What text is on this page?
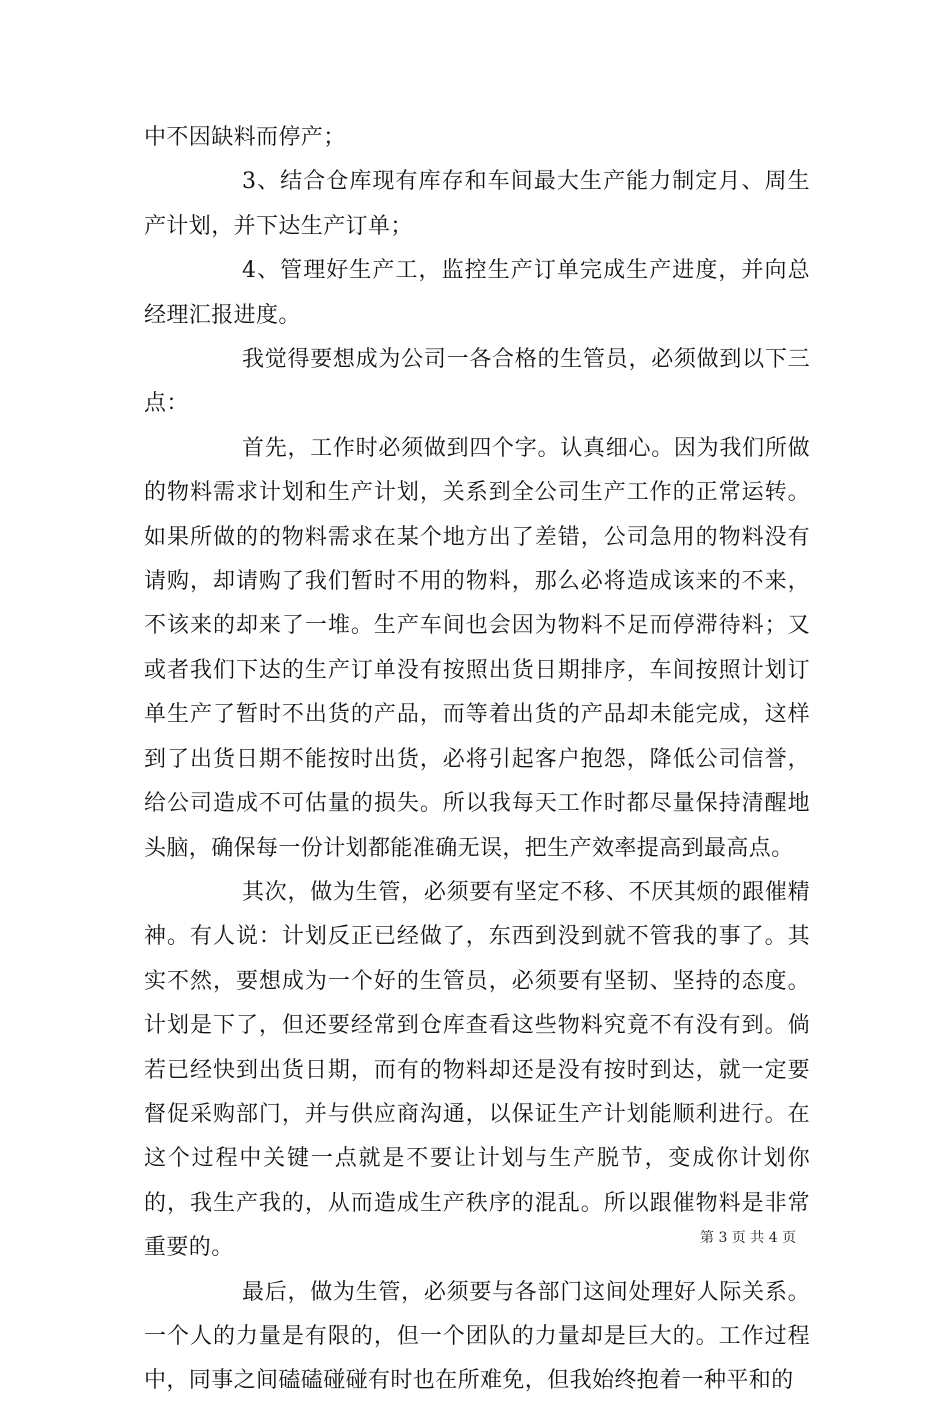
中不因缺料而停产；

3、结合仓库现有库存和车间最大生产能力制定月、周生产计划，并下达生产订单；

4、管理好生产工，监控生产订单完成生产进度，并向总经理汇报进度。

我觉得要想成为公司一各合格的生管员，必须做到以下三点：

首先，工作时必须做到四个字。认真细心。因为我们所做的物料需求计划和生产计划，关系到全公司生产工作的正常运转。如果所做的的物料需求在某个地方出了差错，公司急用的物料没有请购，却请购了我们暂时不用的物料，那么必将造成该来的不来，不该来的却来了一堆。生产车间也会因为物料不足而停滞待料；又或者我们下达的生产订单没有按照出货日期排序，车间按照计划订单生产了暂时不出货的产品，而等着出货的产品却未能完成，这样到了出货日期不能按时出货，必将引起客户抱怨，降低公司信誉，给公司造成不可估量的损失。所以我每天工作时都尽量保持清醒地头脑，确保每一份计划都能准确无误，把生产效率提高到最高点。

其次，做为生管，必须要有坚定不移、不厌其烦的跟催精神。有人说：计划反正已经做了，东西到没到就不管我的事了。其实不然，要想成为一个好的生管员，必须要有坚韧、坚持的态度。计划是下了，但还要经常到仓库查看这些物料究竟不有没有到。倘若已经快到出货日期，而有的物料却还是没有按时到达，就一定要督促采购部门，并与供应商沟通，以保证生产计划能顺利进行。在这个过程中关键一点就是不要让计划与生产脱节，变成你计划你的，我生产我的，从而造成生产秩序的混乱。所以跟催物料是非常重要的。

最后，做为生管，必须要与各部门这间处理好人际关系。一个人的力量是有限的，但一个团队的力量却是巨大的。工作过程中，同事之间磕磕碰碰有时也在所难免，但我始终抱着一种平和的

第 3 页 共 4 页
